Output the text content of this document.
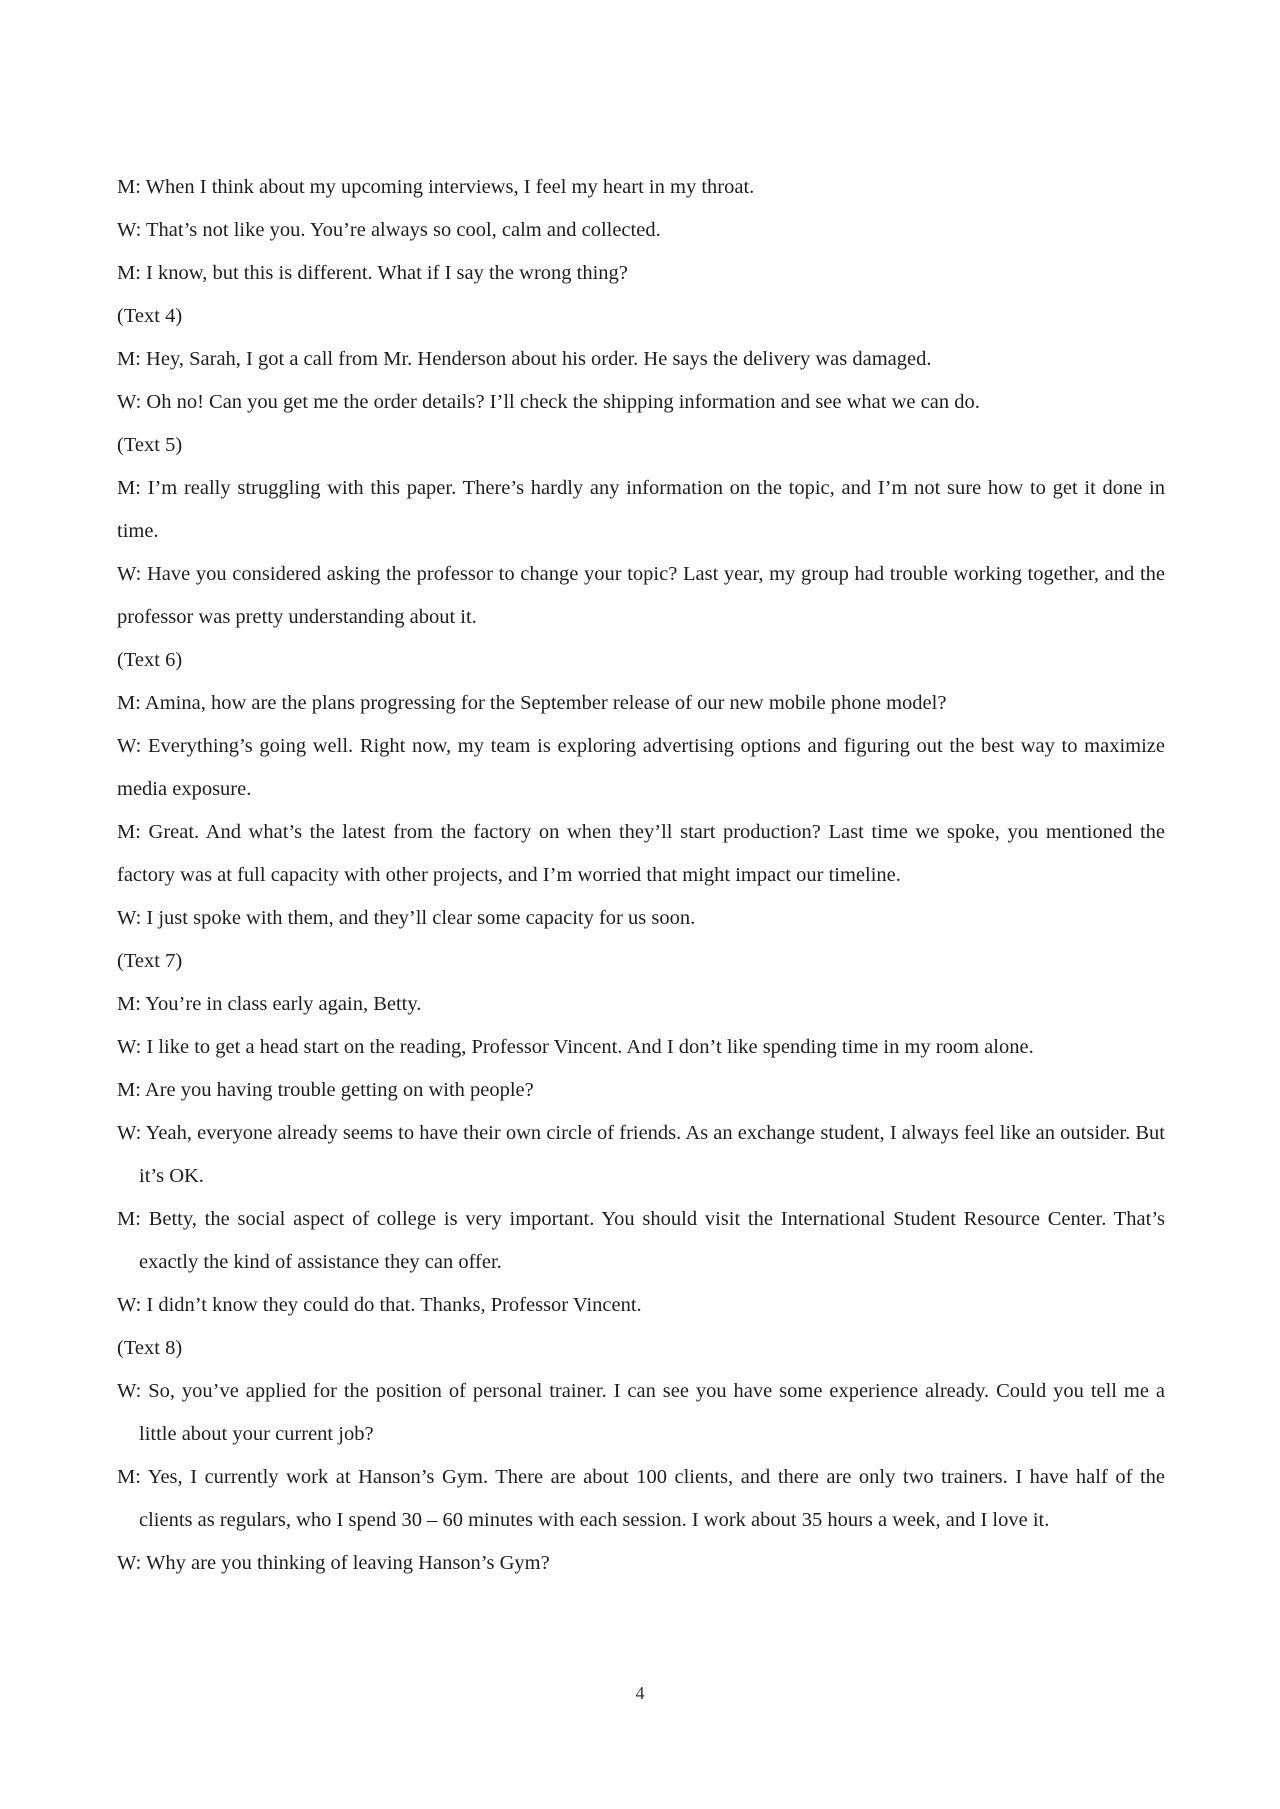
M: When I think about my upcoming interviews, I feel my heart in my throat.

W: That’s not like you. You’re always so cool, calm and collected.

M: I know, but this is different. What if I say the wrong thing?

(Text 4)

M: Hey, Sarah, I got a call from Mr. Henderson about his order. He says the delivery was damaged.

W: Oh no! Can you get me the order details? I’ll check the shipping information and see what we can do.

(Text 5)

M: I’m really struggling with this paper. There’s hardly any information on the topic, and I’m not sure how to get it done in time.

W: Have you considered asking the professor to change your topic? Last year, my group had trouble working together, and the professor was pretty understanding about it.

(Text 6)

M: Amina, how are the plans progressing for the September release of our new mobile phone model?

W: Everything’s going well. Right now, my team is exploring advertising options and figuring out the best way to maximize media exposure.

M: Great. And what’s the latest from the factory on when they’ll start production? Last time we spoke, you mentioned the factory was at full capacity with other projects, and I’m worried that might impact our timeline.

W: I just spoke with them, and they’ll clear some capacity for us soon.

(Text 7)

M: You’re in class early again, Betty.

W: I like to get a head start on the reading, Professor Vincent. And I don’t like spending time in my room alone.

M: Are you having trouble getting on with people?

W: Yeah, everyone already seems to have their own circle of friends. As an exchange student, I always feel like an outsider. But it’s OK.

M: Betty, the social aspect of college is very important. You should visit the International Student Resource Center. That’s exactly the kind of assistance they can offer.

W: I didn’t know they could do that. Thanks, Professor Vincent.

(Text 8)

W: So, you’ve applied for the position of personal trainer. I can see you have some experience already. Could you tell me a little about your current job?

M: Yes, I currently work at Hanson’s Gym. There are about 100 clients, and there are only two trainers. I have half of the clients as regulars, who I spend 30 – 60 minutes with each session. I work about 35 hours a week, and I love it.

W: Why are you thinking of leaving Hanson’s Gym?

4
